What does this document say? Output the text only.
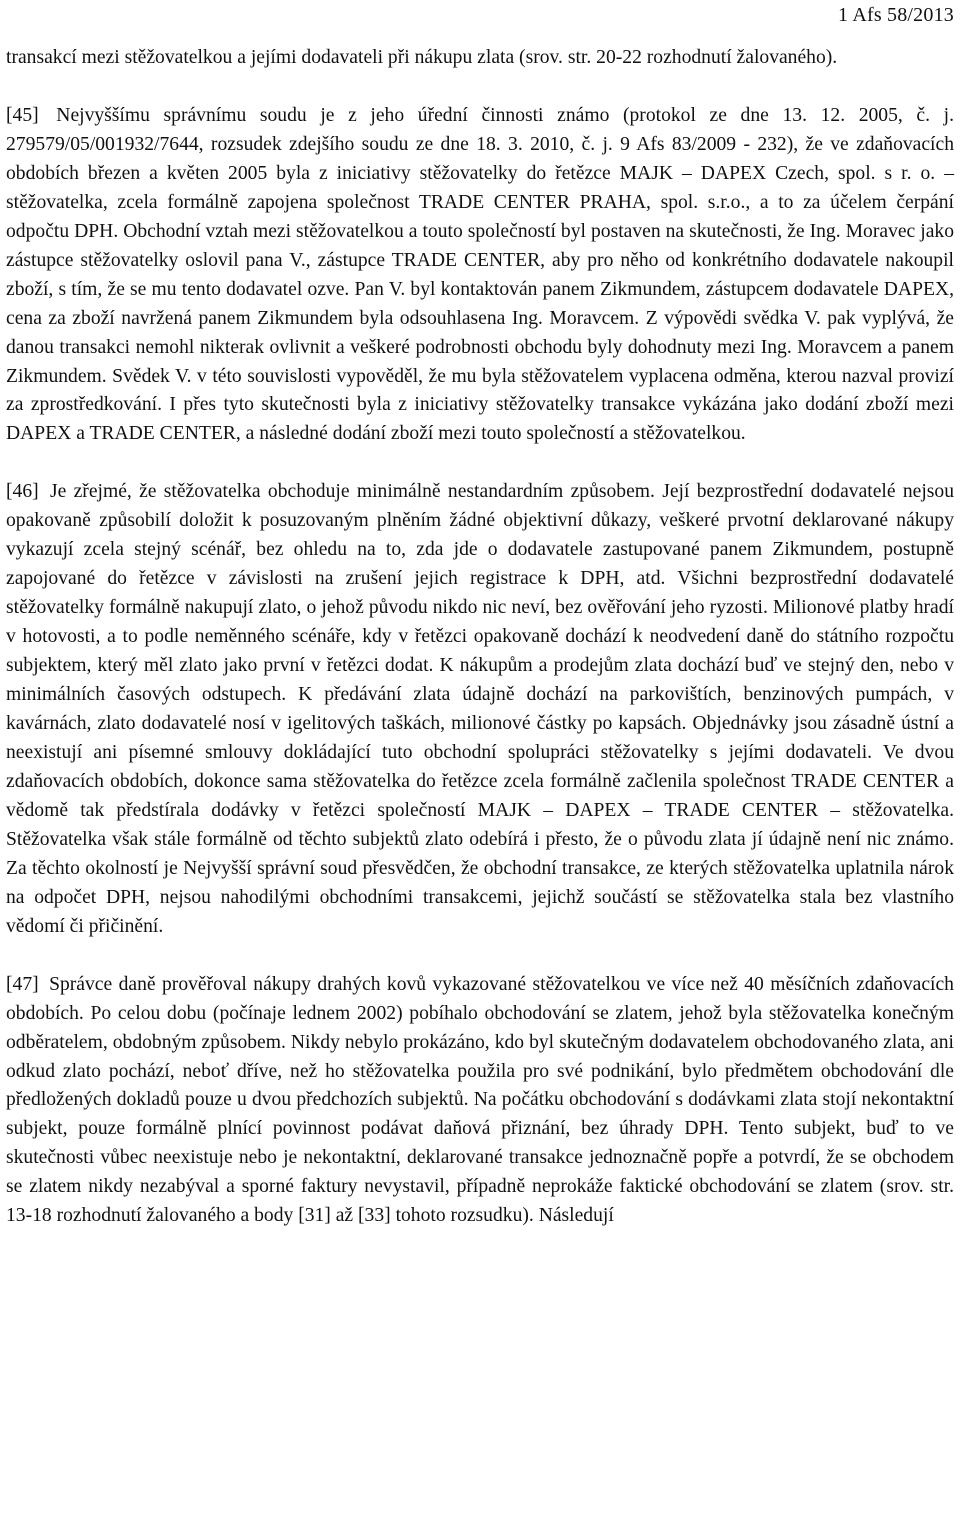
1 Afs 58/2013

transakcí mezi stěžovatelkou a jejími dodavateli při nákupu zlata (srov. str. 20-22 rozhodnutí žalovaného).

[45] Nejvyššímu správnímu soudu je z jeho úřední činnosti známo (protokol ze dne 13. 12. 2005, č. j. 279579/05/001932/7644, rozsudek zdejšího soudu ze dne 18. 3. 2010, č. j. 9 Afs 83/2009 - 232), že ve zdaňovacích obdobích březen a květen 2005 byla z iniciativy stěžovatelky do řetězce MAJK – DAPEX Czech, spol. s r. o. – stěžovatelka, zcela formálně zapojena společnost TRADE CENTER PRAHA, spol. s.r.o., a to za účelem čerpání odpočtu DPH. Obchodní vztah mezi stěžovatelkou a touto společností byl postaven na skutečnosti, že Ing. Moravec jako zástupce stěžovatelky oslovil pana V., zástupce TRADE CENTER, aby pro něho od konkrétního dodavatele nakoupil zboží, s tím, že se mu tento dodavatel ozve. Pan V. byl kontaktován panem Zikmundem, zástupcem dodavatele DAPEX, cena za zboží navržená panem Zikmundem byla odsouhlasena Ing. Moravcem. Z výpovědi svědka V. pak vyplývá, že danou transakci nemohl nikterak ovlivnit a veškeré podrobnosti obchodu byly dohodnuty mezi Ing. Moravcem a panem Zikmundem. Svědek V. v této souvislosti vypověděl, že mu byla stěžovatelem vyplacena odměna, kterou nazval provizí za zprostředkování. I přes tyto skutečnosti byla z iniciativy stěžovatelky transakce vykázána jako dodání zboží mezi DAPEX a TRADE CENTER, a následné dodání zboží mezi touto společností a stěžovatelkou.

[46] Je zřejmé, že stěžovatelka obchoduje minimálně nestandardním způsobem. Její bezprostřední dodavatelé nejsou opakovaně způsobilí doložit k posuzovaným plněním žádné objektivní důkazy, veškeré prvotní deklarované nákupy vykazují zcela stejný scénář, bez ohledu na to, zda jde o dodavatele zastupované panem Zikmundem, postupně zapojované do řetězce v závislosti na zrušení jejich registrace k DPH, atd. Všichni bezprostřední dodavatelé stěžovatelky formálně nakupují zlato, o jehož původu nikdo nic neví, bez ověřování jeho ryzosti. Milionové platby hradí v hotovosti, a to podle neměnného scénáře, kdy v řetězci opakovaně dochází k neodvedení daně do státního rozpočtu subjektem, který měl zlato jako první v řetězci dodat. K nákupům a prodejům zlata dochází buď ve stejný den, nebo v minimálních časových odstupech. K předávání zlata údajně dochází na parkovištích, benzinových pumpách, v kavárnách, zlato dodavatelé nosí v igelitových taškách, milionové částky po kapsách. Objednávky jsou zásadně ústní a neexistují ani písemné smlouvy dokládající tuto obchodní spolupráci stěžovatelky s jejími dodavateli. Ve dvou zdaňovacích obdobích, dokonce sama stěžovatelka do řetězce zcela formálně začlenila společnost TRADE CENTER a vědomě tak předstírala dodávky v řetězci společností MAJK – DAPEX – TRADE CENTER – stěžovatelka. Stěžovatelka však stále formálně od těchto subjektů zlato odebírá i přesto, že o původu zlata jí údajně není nic známo. Za těchto okolností je Nejvyšší správní soud přesvědčen, že obchodní transakce, ze kterých stěžovatelka uplatnila nárok na odpočet DPH, nejsou nahodilými obchodními transakcemi, jejichž součástí se stěžovatelka stala bez vlastního vědomí či přičinění.

[47] Správce daně prověřoval nákupy drahých kovů vykazované stěžovatelkou ve více než 40 měsíčních zdaňovacích obdobích. Po celou dobu (počínaje lednem 2002) pobíhalo obchodování se zlatem, jehož byla stěžovatelka konečným odběratelem, obdobným způsobem. Nikdy nebylo prokázáno, kdo byl skutečným dodavatelem obchodovaného zlata, ani odkud zlato pochází, neboť dříve, než ho stěžovatelka použila pro své podnikání, bylo předmětem obchodování dle předložených dokladů pouze u dvou předchozích subjektů. Na počátku obchodování s dodávkami zlata stojí nekontaktní subjekt, pouze formálně plnící povinnost podávat daňová přiznání, bez úhrady DPH. Tento subjekt, buď to ve skutečnosti vůbec neexistuje nebo je nekontaktní, deklarované transakce jednoznačně popře a potvrdí, že se obchodem se zlatem nikdy nezabýval a sporné faktury nevystavil, případně neprokáže faktické obchodování se zlatem (srov. str. 13-18 rozhodnutí žalovaného a body [31] až [33] tohoto rozsudku). Následují
